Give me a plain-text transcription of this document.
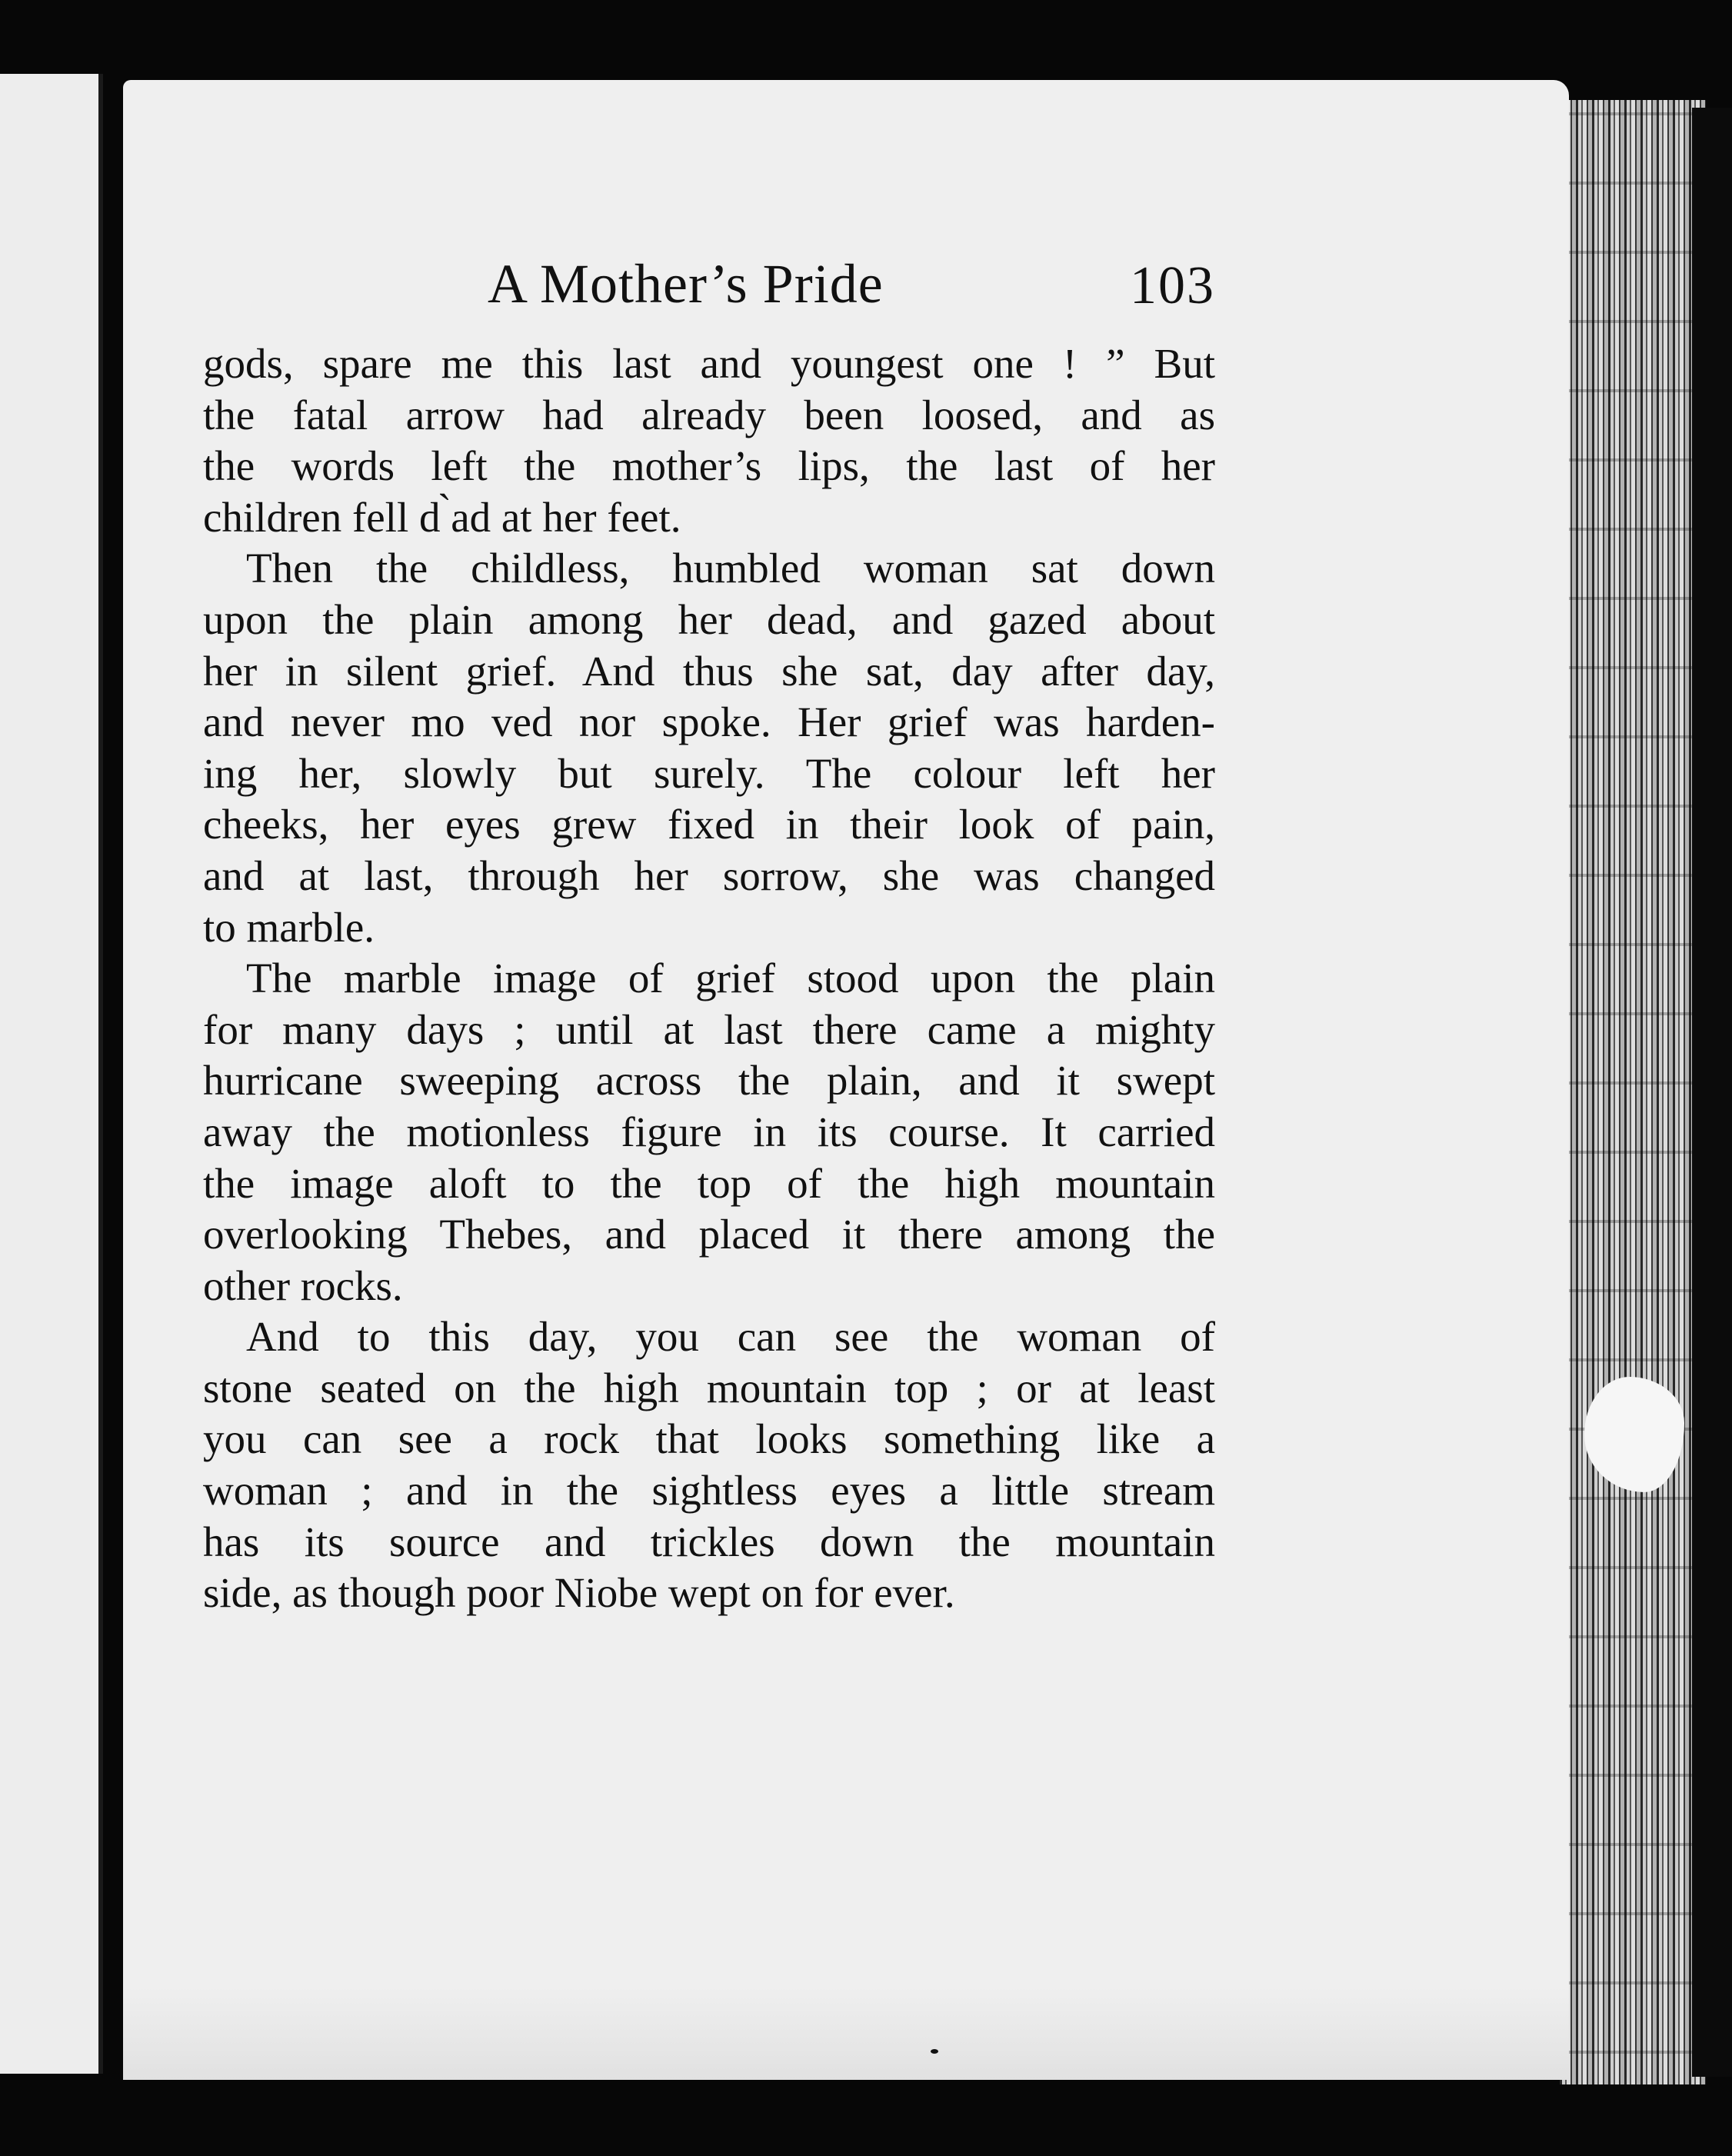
A Mother’s Pride	103
gods, spare me this last and youngest one ! ” But
the fatal arrow had already been loosed, and as
the words left the mother’s lips, the last of her
children fell d ̀ad at her feet.
Then the childless, humbled woman sat down
upon the plain among her dead, and gazed about
her in silent grief. And thus she sat, day after day,
and never mo ved nor spoke. Her grief was harden-
ing her, slowly but surely. The colour left her
cheeks, her eyes grew fixed in their look of pain,
and at last, through her sorrow, she was changed
to marble.
The marble image of grief stood upon the plain
for many days ; until at last there came a mighty
hurricane sweeping across the plain, and it swept
away the motionless figure in its course. It carried
the image aloft to the top of the high mountain
overlooking Thebes, and placed it there among the
other rocks.
And to this day, you can see the woman of
stone seated on the high mountain top ; or at least
you can see a rock that looks something like a
woman ; and in the sightless eyes a little stream
has its source and trickles down the mountain
side, as though poor Niobe wept on for ever.
